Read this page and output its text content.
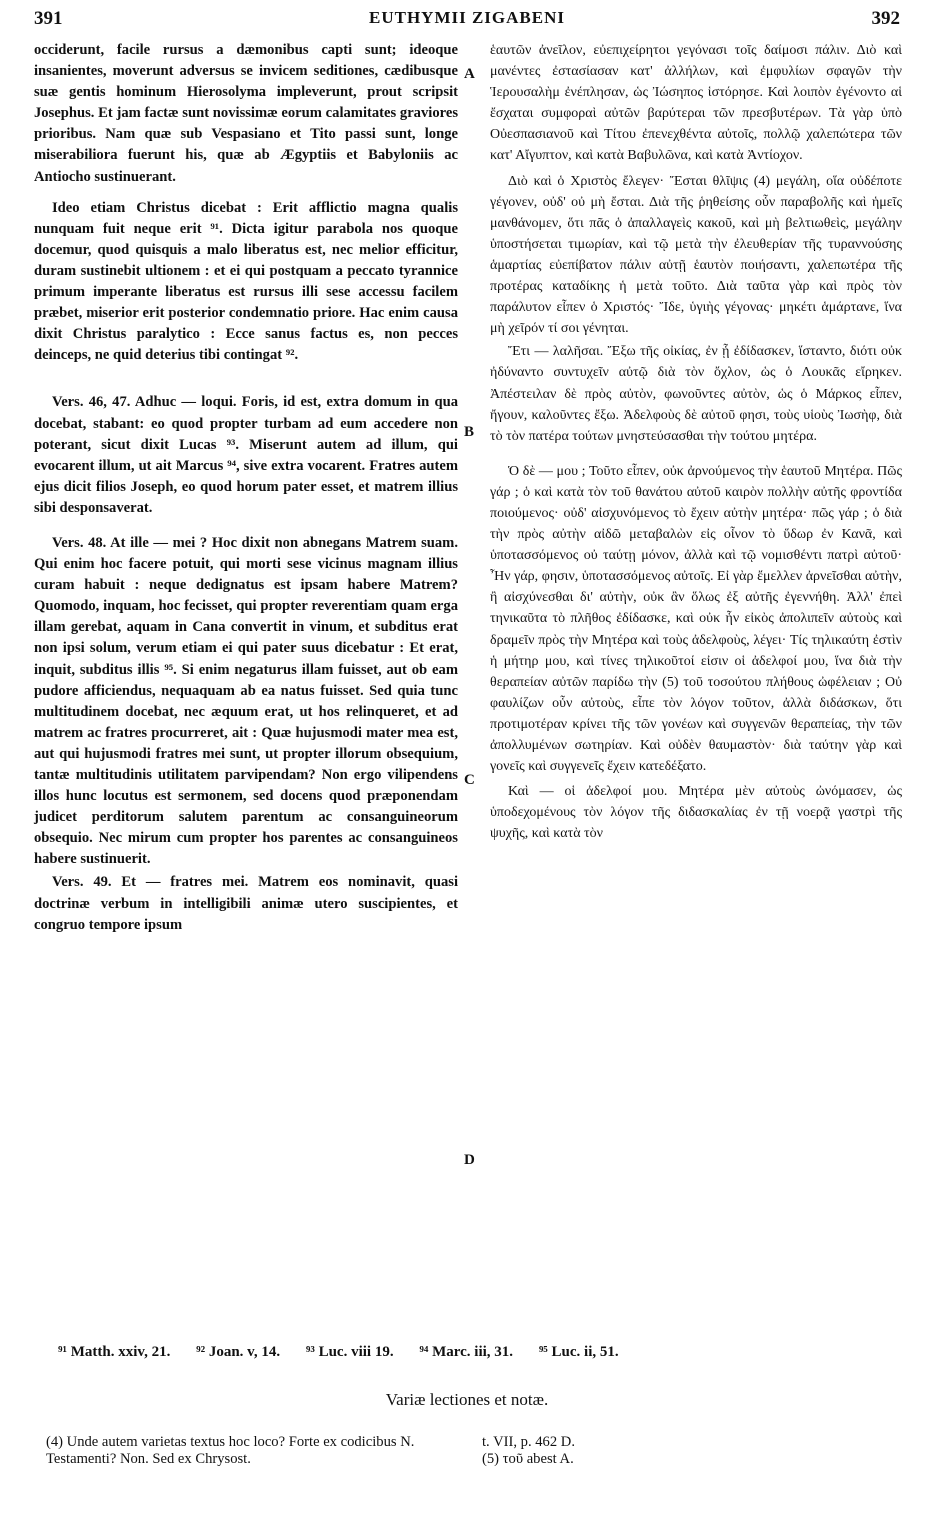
391	EUTHYMII ZIGABENI	392

occiderunt, facile rursus a dæmonibus capti sunt; ideoque insanientes, moverunt adversus se invicem seditiones, cædibusque suæ gentis hominum Hierosolyma impleverunt, prout scripsit Josephus. Et jam factæ sunt novissimæ eorum calamitates graviores prioribus. Nam quæ sub Vespasiano et Tito passi sunt, longe miserabiliora fuerunt his, quæ ab Ægyptiis et Babyloniis ac Antiocho sustinuerant.

Ideo etiam Christus dicebat : Erit afflictio magna qualis nunquam fuit neque erit ⁹¹. Dicta igitur parabola nos quoque docemur, quod quisquis a malo liberatus est, nec melior efficitur, duram sustinebit ultionem : et ei qui postquam a peccato tyrannice primum imperante liberatus est rursus illi sese accessu facilem præbet, miserior erit posterior condemnatio priore. Hac enim causa dixit Christus paralytico : Ecce sanus factus es, non pecces deinceps, ne quid deterius tibi contingat ⁹².

Vers. 46, 47. Adhuc — loqui. Foris, id est, extra domum in qua docebat, stabant: eo quod propter turbam ad eum accedere non poterant, sicut dixit Lucas ⁹³. Miserunt autem ad illum, qui evocarent illum, ut ait Marcus ⁹⁴, sive extra vocarent. Fratres autem ejus dicit filios Joseph, eo quod horum pater esset, et matrem illius sibi desponsaverat.

Vers. 48. At ille — mei ? Hoc dixit non abnegans Matrem suam. Qui enim hoc facere potuit, qui morti sese vicinus magnam illius curam habuit : neque dedignatus est ipsam habere Matrem? Quomodo, inquam, hoc fecisset, qui propter reverentiam quam erga illam gerebat, aquam in Cana convertit in vinum, et subditus erat non ipsi solum, verum etiam ei qui pater suus dicebatur : Et erat, inquit, subditus illis ⁹⁵. Si enim negaturus illam fuisset, aut ob eam pudore afficiendus, nequaquam ab ea natus fuisset. Sed quia tunc multitudinem docebat, nec æquum erat, ut hos relinqueret, et ad matrem ac fratres procurreret, ait : Quæ hujusmodi mater mea est, aut qui hujusmodi fratres mei sunt, ut propter illorum obsequium, tantæ multitudinis utilitatem parvipendam? Non ergo vilipendens illos hunc locutus est sermonem, sed docens quod præponendam judicet perditorum salutem parentum ac consanguineorum obsequio. Nec mirum cum propter hos parentes ac consanguineos habere sustinuerit.

Vers. 49. Et — fratres mei. Matrem eos nominavit, quasi doctrinæ verbum in intelligibili animæ utero suscipientes, et congruo tempore ipsum

A
B
C
D

ἑαυτῶν ἀνεῖλον, εὐεπιχείρητοι γεγόνασι τοῖς δαίμοσι πάλιν. Διὸ καὶ μανέντες ἐστασίασαν κατ' ἀλλήλων, καὶ ἐμφυλίων σφαγῶν τὴν Ἱερουσαλὴμ ἐνέπλησαν, ὡς Ἰώσηπος ἱστόρησε. Καὶ λοιπὸν ἐγένοντο αἱ ἔσχαται συμφοραὶ αὐτῶν βαρύτεραι τῶν πρεσβυτέρων. Τὰ γὰρ ὑπὸ Οὐεσπασιανοῦ καὶ Τίτου ἐπενεχθέντα αὐτοῖς, πολλῷ χαλεπώτερα τῶν κατ' Αἴγυπτον, καὶ κατὰ Βαβυλῶνα, καὶ κατὰ Ἀντίοχον.

Διὸ καὶ ὁ Χριστὸς ἔλεγεν· Ἔσται θλῖψις (4) μεγάλη, οἵα οὐδέποτε γέγονεν, οὐδ' οὐ μὴ ἔσται. Διὰ τῆς ῥηθείσης οὖν παραβολῆς καὶ ἡμεῖς μανθάνομεν, ὅτι πᾶς ὁ ἀπαλλαγεὶς κακοῦ, καὶ μὴ βελτιωθεὶς, μεγάλην ὑποστήσεται τιμωρίαν, καὶ τῷ μετὰ τὴν ἐλευθερίαν τῆς τυραννούσης ἁμαρτίας εὐεπίβατον πάλιν αὐτῇ ἑαυτὸν ποιήσαντι, χαλεπωτέρα τῆς προτέρας καταδίκης ἡ μετὰ τοῦτο. Διὰ ταῦτα γὰρ καὶ πρὸς τὸν παράλυτον εἶπεν ὁ Χριστός· Ἴδε, ὑγιὴς γέγονας· μηκέτι ἁμάρτανε, ἵνα μὴ χεῖρόν τί σοι γένηται.

Ἔτι — λαλῆσαι. Ἔξω τῆς οἰκίας, ἐν ᾗ ἐδίδασκεν, ἵσταντο, διότι οὐκ ἠδύναντο συντυχεῖν αὐτῷ διὰ τὸν ὄχλον, ὡς ὁ Λουκᾶς εἴρηκεν. Ἀπέστειλαν δὲ πρὸς αὐτὸν, φωνοῦντες αὐτὸν, ὡς ὁ Μάρκος εἶπεν, ἤγουν, καλοῦντες ἔξω. Ἀδελφοὺς δὲ αὐτοῦ φησι, τοὺς υἱοὺς Ἰωσὴφ, διὰ τὸ τὸν πατέρα τούτων μνηστεύσασθαι τὴν τούτου μητέρα.

Ὁ δὲ — μου ; Τοῦτο εἶπεν, οὐκ ἀρνούμενος τὴν ἑαυτοῦ Μητέρα. Πῶς γάρ ; ὁ καὶ κατὰ τὸν τοῦ θανάτου αὐτοῦ καιρὸν πολλὴν αὐτῆς φροντίδα ποιούμενος· οὐδ' αἰσχυνόμενος τὸ ἔχειν αὐτὴν μητέρα· πῶς γάρ ; ὁ διὰ τὴν πρὸς αὐτὴν αἰδῶ μεταβαλὼν εἰς οἶνον τὸ ὕδωρ ἐν Κανᾶ, καὶ ὑποτασσόμενος οὐ ταύτῃ μόνον, ἀλλὰ καὶ τῷ νομισθέντι πατρὶ αὐτοῦ· Ἦν γάρ, φησιν, ὑποτασσόμενος αὐτοῖς. Εἰ γὰρ ἔμελλεν ἀρνεῖσθαι αὐτὴν, ἢ αἰσχύνεσθαι δι' αὐτὴν, οὐκ ἂν ὅλως ἐξ αὐτῆς ἐγεννήθη. Ἀλλ' ἐπεὶ τηνικαῦτα τὸ πλῆθος ἐδίδασκε, καὶ οὐκ ἦν εἰκὸς ἀπολιπεῖν αὐτοὺς καὶ δραμεῖν πρὸς τὴν Μητέρα καὶ τοὺς ἀδελφοὺς, λέγει· Τίς τηλικαύτη ἐστὶν ἡ μήτηρ μου, καὶ τίνες τηλικοῦτοί εἰσιν οἱ ἀδελφοί μου, ἵνα διὰ τὴν θεραπείαν αὐτῶν παρίδω τὴν (5) τοῦ τοσούτου πλήθους ὠφέλειαν ; Οὐ φαυλίζων οὖν αὐτοὺς, εἶπε τὸν λόγον τοῦτον, ἀλλὰ διδάσκων, ὅτι προτιμοτέραν κρίνει τῆς τῶν γονέων καὶ συγγενῶν θεραπείας, τὴν τῶν ἀπολλυμένων σωτηρίαν. Καὶ οὐδὲν θαυμαστὸν· διὰ ταύτην γὰρ καὶ γονεῖς καὶ συγγενεῖς ἔχειν κατεδέξατο.

Καὶ — οἱ ἀδελφοί μου. Μητέρα μὲν αὐτοὺς ὠνόμασεν, ὡς ὑποδεχομένους τὸν λόγον τῆς διδασκαλίας ἐν τῇ νοερᾷ γαστρὶ τῆς ψυχῆς, καὶ κατὰ τὸν

⁹¹ Matth. xxiv, 21. ⁹² Joan. v, 14. ⁹³ Luc. viii 19. ⁹⁴ Marc. iii, 31. ⁹⁵ Luc. ii, 51.
Variæ lectiones et notæ.
(4) Unde autem varietas textus hoc loco? Forte ex codicibus N. Testamenti? Non. Sed ex Chrysost.
t. VII, p. 462 D.
(5) τοῦ abest A.
